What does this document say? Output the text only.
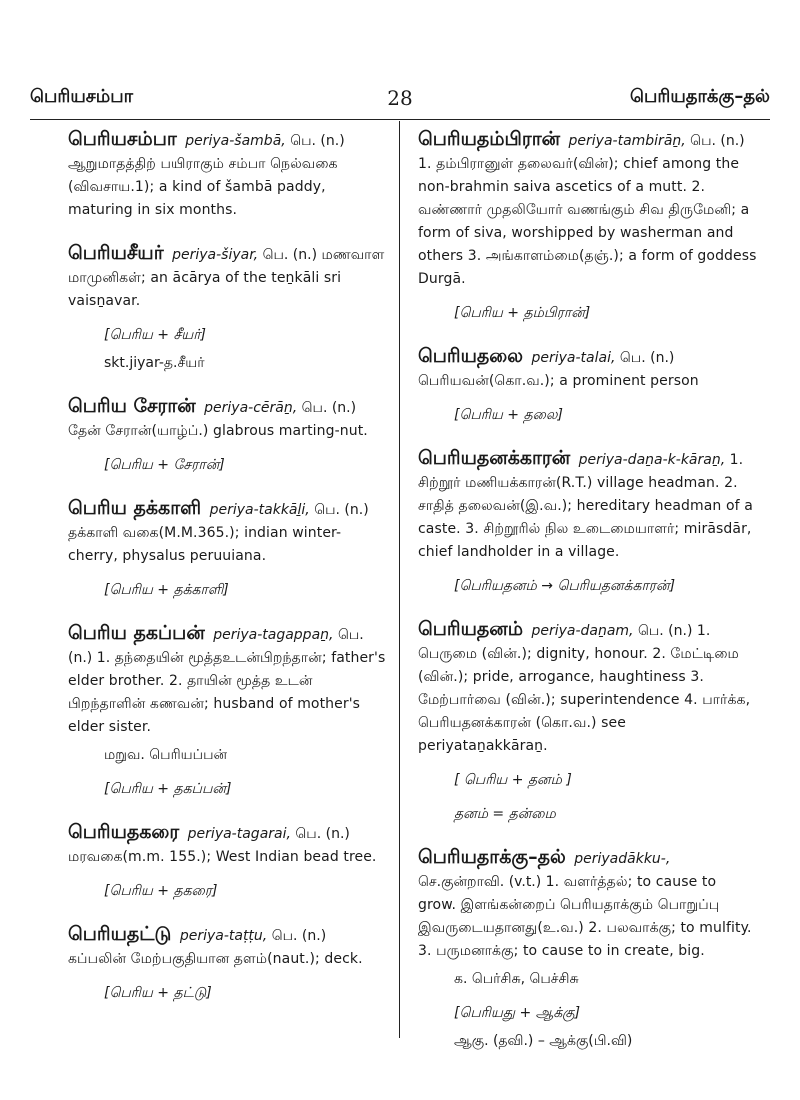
பெரியசம்பா	28	பெரியதாக்கு–தல்
பெரியசம்பா periya-šambā, பெ. (n.) ஆறுமாதத்திற் பயிராகும் சம்பா நெல்வகை (விவசாய.1); a kind of šambā paddy, maturing in six months.
பெரியசீயர் periya-šiyar, பெ. (n.) மணவாள மாமுனிகள்; an ācārya of the teṉkāli sri vaisṉavar.
[பெரிய + சீயர்]
skt.jiyar-த.சீயர்
பெரிய சேரான் periya-cērāṉ, பெ. (n.) தேன் சேரான்(யாழ்ப்.) glabrous marting-nut.
[பெரிய + சேரான்]
பெரிய தக்காளி periya-takkāḻi, பெ. (n.) தக்காளி வகை(M.M.365.); indian winter-cherry, physalus peruuiana.
[பெரிய + தக்காளி]
பெரிய தகப்பன் periya-tagappaṉ, பெ. (n.) 1. தந்தையின் மூத்தஉடன்பிறந்தான்; father's elder brother. 2. தாயின் மூத்த உடன் பிறந்தாளின் கணவன்; husband of mother's elder sister.
மறுவ. பெரியப்பன்
[பெரிய + தகப்பன்]
பெரியதகரை periya-tagarai, பெ. (n.) மரவகை(m.m. 155.); West Indian bead tree.
[பெரிய + தகரை]
பெரியதட்டு periya-taṭṭu, பெ. (n.) கப்பலின் மேற்பகுதியான தளம்(naut.); deck.
[பெரிய + தட்டு]
பெரியதம்பிரான் periya-tambirāṉ, பெ. (n.) 1. தம்பிரானுள் தலைவர்(வின்); chief among the non-brahmin saiva ascetics of a mutt. 2. வண்ணார் முதலியோர் வணங்கும் சிவ திருமேனி; a form of siva, worshipped by washerman and others 3. அங்காளம்மை(தஞ்.); a form of goddess Durgā.
[பெரிய + தம்பிரான்]
பெரியதலை periya-talai, பெ. (n.) பெரியவன்(கொ.வ.); a prominent person
[பெரிய + தலை]
பெரியதனக்காரன் periya-daṉa-k-kāraṉ, 1. சிற்றூர் மணியக்காரன்(R.T.) village headman. 2. சாதித் தலைவன்(இ.வ.); hereditary headman of a caste. 3. சிற்றூரில் நில உடைமையாளர்; mirāsdār, chief landholder in a village.
[பெரியதனம் → பெரியதனக்காரன்]
பெரியதனம் periya-daṉam, பெ. (n.) 1. பெருமை (வின்.); dignity, honour. 2. மேட்டிமை (வின்.); pride, arrogance, haughtiness 3. மேற்பார்வை (வின்.); superintendence 4. பார்க்க, பெரியதனக்காரன் (கொ.வ.) see periyataṉakkāraṉ.
[ பெரிய + தனம் ]
தனம் = தன்மை
பெரியதாக்கு–தல் periyadākku-, செ.குன்றாவி. (v.t.) 1. வளர்த்தல்; to cause to grow. இளங்கன்றைப் பெரியதாக்கும் பொறுப்பு இவருடையதானது(உ.வ.) 2. பலவாக்கு; to mulfity. 3. பருமனாக்கு; to cause to in create, big.
க. பெர்சிசு, பெச்சிசு
[பெரியது + ஆக்கு]
ஆகு. (தவி.) – ஆக்கு(பி.வி)
